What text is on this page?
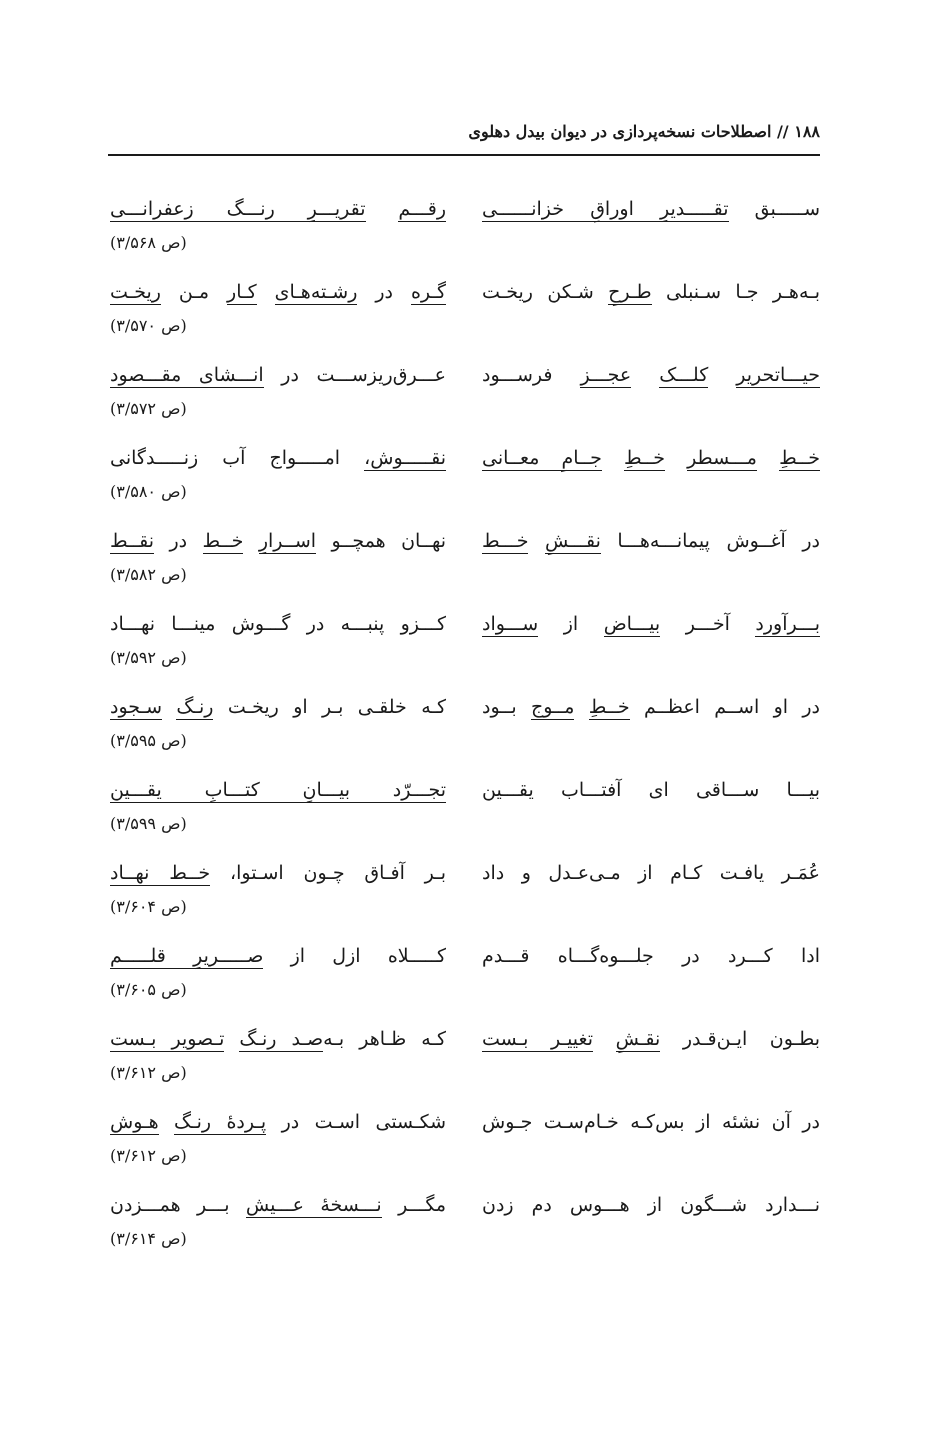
۱۸۸ // اصطلاحات نسخه‌پردازی در دیوان بیدل دهلوی
ســـــبق تقـــــدیرِ اوراقِ خزانــــــی
رقـــم تقریـــرِ رنـــگ زعفرانـــی
(ص ۳/۵۶۸)
بـه‌هـر جـا سـنبلی طـرحِ شـکن ریخـت
گـره در رشـته‌هـای کـار مـن ریخـت
(ص ۳/۵۷۰)
حیـــاتحریر کلـــک عجـــز فرســـود
عـــرق‌ریزســـت در انـــشای مقـــصود
(ص ۳/۵۷۲)
خــطِ مـــسطر خــطِ جــامِ معــانی
نقـــــوش، امـــــواج آب زنـــــدگانی
(ص ۳/۵۸۰)
در آغــوش پیمانـــه‌هـــا نقـــشِ خـــط
نهــان همچــو اســرارِ خــط در نقــط
(ص ۳/۵۸۲)
بـــرآورد آخـــر بیـــاض از ســـواد
کـــزو پنبـــه در گـــوش مینـــا نهـــاد
(ص ۳/۵۹۲)
در او اســم اعظــم خــطِ مــوج بــود
کـه خلقـی بـر او ریخـت رنـگ سـجود
(ص ۳/۵۹۵)
بیـــا ســـاقی ای آفتـــاب یقـــین
تجـــرّد بیـــانِ کتـــابِ یقـــین
(ص ۳/۵۹۹)
عُمَـر یافـت کـام از مـی‌عـدل و داد
بـر آفـاق چـون اسـتوا، خــط نهــاد
(ص ۳/۶۰۴)
ادا کـــرد در جلـــوه‌گـــاه قـــدم
کـــــلاه ازل از صـــــریرِ قلـــــم
(ص ۳/۶۰۵)
بطـون ایـن‌قـدر نقـشِ تغییـر بـست
کـه ظـاهر بـه‌صـد رنـگ تـصویر بـست
(ص ۳/۶۱۲)
در آن نشئه از بس‌کـه خـام‌سـت جـوش
شکـستی اسـت در پـردۀ رنـگ هـوش
(ص ۳/۶۱۲)
نـــدارد شـــگون از هـــوس دم زدن
مگـــر نـــسخۀ عـــیش بـــر همـــزدن
(ص ۳/۶۱۴)
